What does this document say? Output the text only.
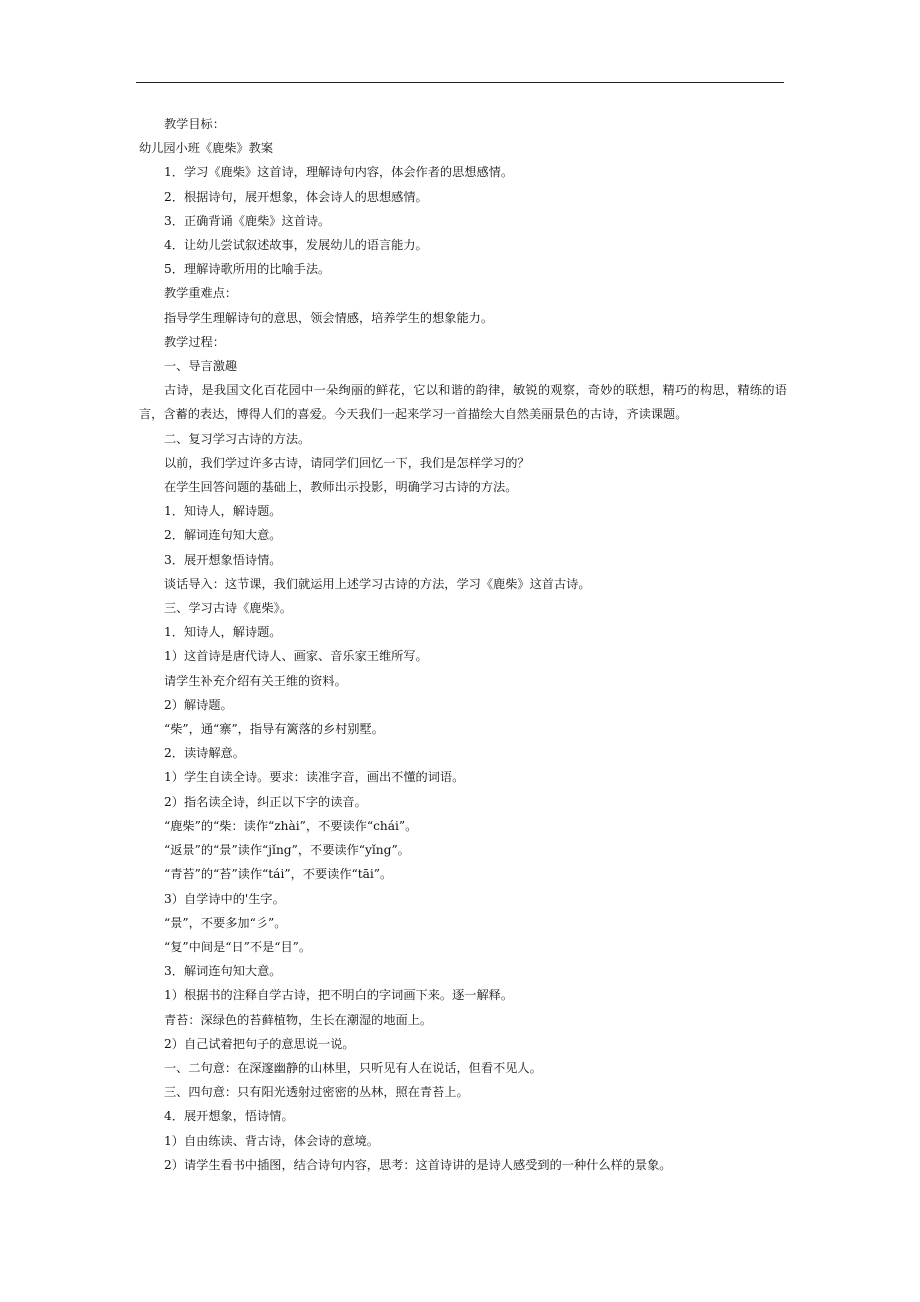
教学目标：

幼儿园小班《鹿柴》教案

1．学习《鹿柴》这首诗，理解诗句内容，体会作者的思想感情。

2．根据诗句，展开想象，体会诗人的思想感情。

3．正确背诵《鹿柴》这首诗。

4．让幼儿尝试叙述故事，发展幼儿的语言能力。

5．理解诗歌所用的比喻手法。

教学重难点：

指导学生理解诗句的意思，领会情感，培养学生的想象能力。

教学过程：

一、导言激趣

古诗，是我国文化百花园中一朵绚丽的鲜花，它以和谐的韵律，敏锐的观察，奇妙的联想，精巧的构思，精练的语言，含蓄的表达，博得人们的喜爱。今天我们一起来学习一首描绘大自然美丽景色的古诗，齐读课题。

二、复习学习古诗的方法。

以前，我们学过许多古诗，请同学们回忆一下，我们是怎样学习的？

在学生回答问题的基础上，教师出示投影，明确学习古诗的方法。

1．知诗人，解诗题。

2．解词连句知大意。

3．展开想象悟诗情。

谈话导入：这节课，我们就运用上述学习古诗的方法，学习《鹿柴》这首古诗。

三、学习古诗《鹿柴》。

1．知诗人，解诗题。

1）这首诗是唐代诗人、画家、音乐家王维所写。

请学生补充介绍有关王维的资料。

2）解诗题。

“柴”，通“寨”，指导有篱落的乡村别墅。

2．读诗解意。

1）学生自读全诗。要求：读准字音，画出不懂的词语。

2）指名读全诗，纠正以下字的读音。

“鹿柴”的“柴：读作“zhài”，不要读作“chái”。

“返景”的“景”读作“jǐng”，不要读作“yǐng”。

“青苔”的“苔”读作“tái”，不要读作“tāi”。

3）自学诗中的'生字。

“景”，不要多加“彡”。

“复”中间是“日”不是“目”。

3．解词连句知大意。

1）根据书的注释自学古诗，把不明白的字词画下来。逐一解释。

青苔：深绿色的苔藓植物，生长在潮湿的地面上。

2）自己试着把句子的意思说一说。

一、二句意：在深邃幽静的山林里，只听见有人在说话，但看不见人。

三、四句意：只有阳光透射过密密的丛林，照在青苔上。

4．展开想象，悟诗情。

1）自由练读、背古诗，体会诗的意境。

2）请学生看书中插图，结合诗句内容，思考：这首诗讲的是诗人感受到的一种什么样的景象。
